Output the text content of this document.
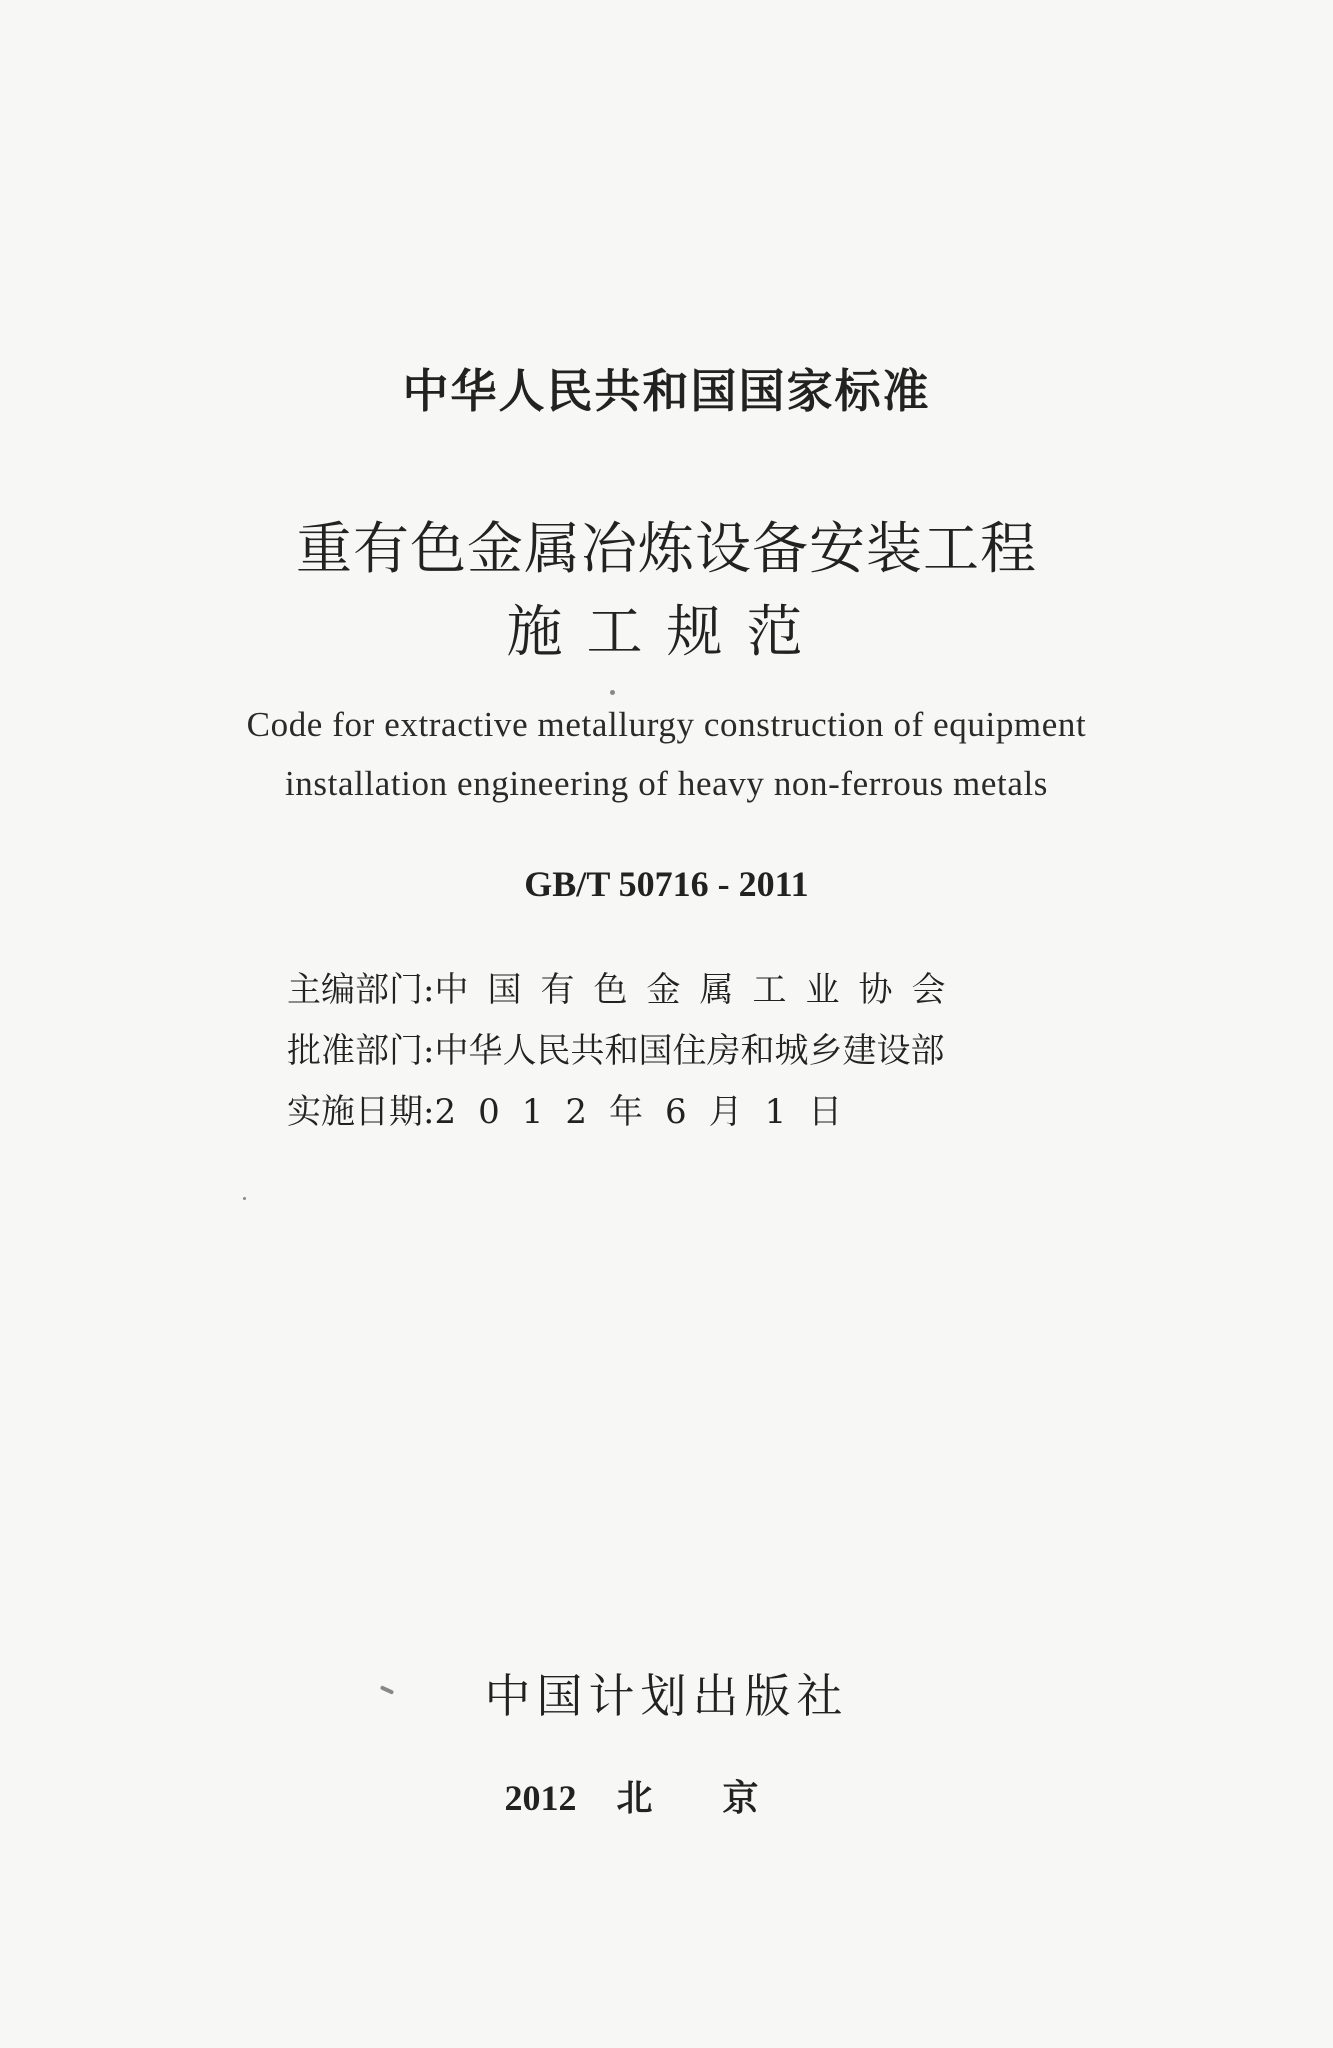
中华人民共和国国家标准
重有色金属冶炼设备安装工程
施工规范
Code for extractive metallurgy construction of equipment
installation engineering of heavy non-ferrous metals
GB/T 50716 - 2011
主编部门:中国有色金属工业协会
批准部门:中华人民共和国住房和城乡建设部
实施日期:2012年6月1日
中国计划出版社
2012 北京
